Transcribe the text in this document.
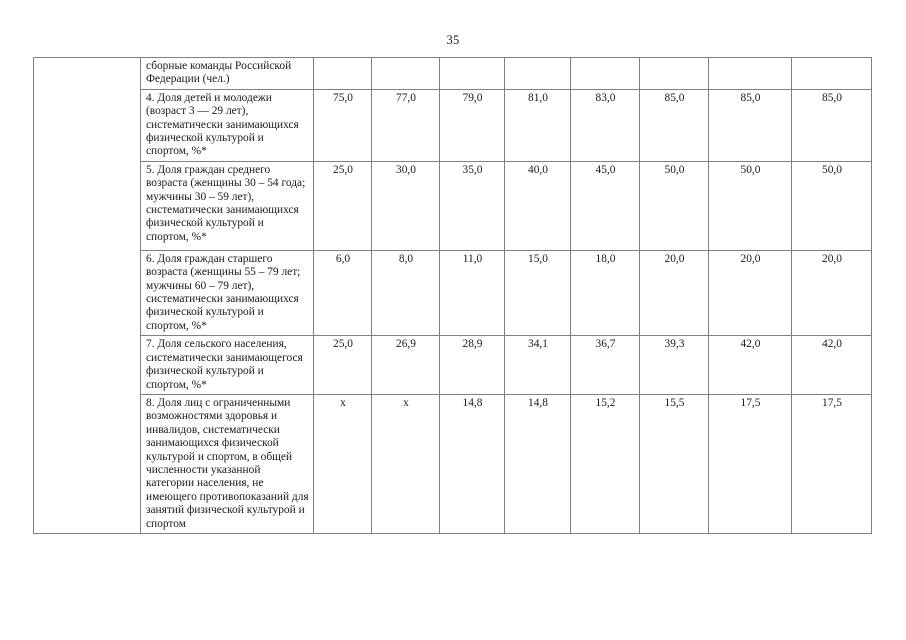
35
	сборные команды Российской Федерации (чел.)								
	4. Доля детей и молодежи (возраст 3 — 29 лет), систематически занимающихся физической культурой и спортом, %*	75,0	77,0	79,0	81,0	83,0	85,0	85,0	85,0
	5. Доля граждан среднего возраста (женщины 30 – 54 года; мужчины 30 – 59 лет), систематически занимающихся физической культурой и спортом, %*	25,0	30,0	35,0	40,0	45,0	50,0	50,0	50,0
	6. Доля граждан старшего возраста (женщины 55 – 79 лет; мужчины 60 – 79 лет), систематически занимающихся физической культурой и спортом, %*	6,0	8,0	11,0	15,0	18,0	20,0	20,0	20,0
	7. Доля сельского населения, систематически занимающегося физической культурой и спортом, %*	25,0	26,9	28,9	34,1	36,7	39,3	42,0	42,0
	8. Доля лиц с ограниченными возможностями здоровья и инвалидов, систематически занимающихся физической культурой и спортом, в общей численности указанной категории населения, не имеющего противопоказаний для занятий физической культурой и спортом	x	x	14,8	14,8	15,2	15,5	17,5	17,5
